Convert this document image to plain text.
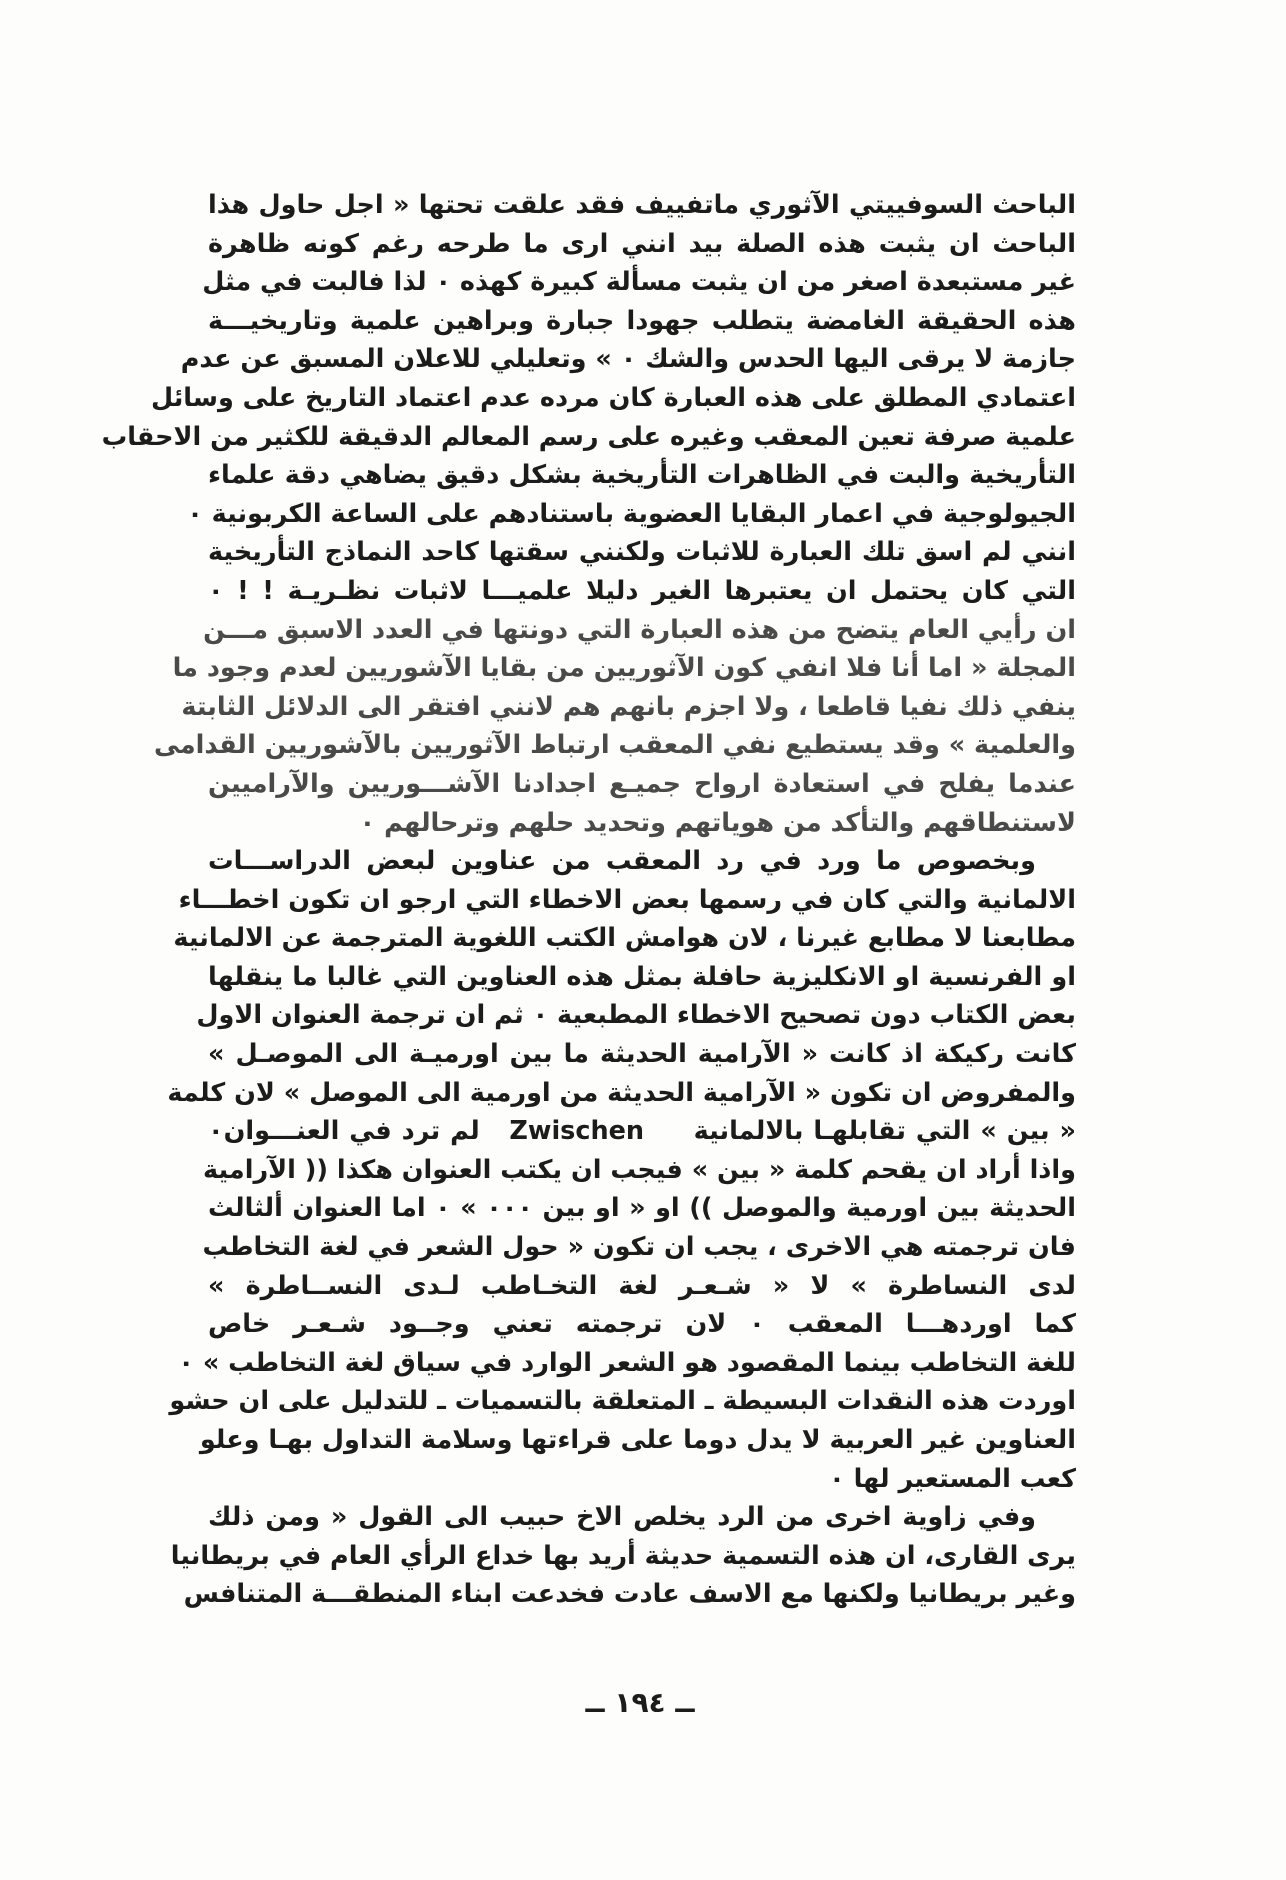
الباحث السوفييتي الآثوري ماتفييف فقد علقت تحتها « اجل حاول هذا
الباحث ان يثبت هذه الصلة بيد انني ارى ما طرحه رغم كونه ظاهرة
غير مستبعدة اصغر من ان يثبت مسألة كبيرة كهذه ٠ لذا فالبت في مثل
هذه الحقيقة الغامضة يتطلب جهودا جبارة وبراهين علمية وتاريخيـــة
جازمة لا يرقى اليها الحدس والشك ٠ » وتعليلي للاعلان المسبق عن عدم
اعتمادي المطلق على هذه العبارة كان مرده عدم اعتماد التاريخ على وسائل
علمية صرفة تعين المعقب وغيره على رسم المعالم الدقيقة للكثير من الاحقاب
التأريخية والبت في الظاهرات التأريخية بشكل دقيق يضاهي دقة علماء
الجيولوجية في اعمار البقايا العضوية باستنادهم على الساعة الكربونية ٠
انني لم اسق تلك العبارة للاثبات ولكنني سقتها كاحد النماذج التأريخية
التي كان يحتمل ان يعتبرها الغير دليلا علميـــا لاثبات نظـريـة ! ! ٠
ان رأيي العام يتضح من هذه العبارة التي دونتها في العدد الاسبق مـــن
المجلة « اما أنا فلا انفي كون الآثوريين من بقايا الآشوريين لعدم وجود ما
ينفي ذلك نفيا قاطعا ، ولا اجزم بانهم هم لانني افتقر الى الدلائل الثابتة
والعلمية » وقد يستطيع نفي المعقب ارتباط الآثوريين بالآشوريين القدامى
عندما يفلح في استعادة ارواح جميـع اجدادنا الآشـــوريين والآراميين
لاستنطاقهم والتأكد من هوياتهم وتحديد حلهم وترحالهم ٠
وبخصوص ما ورد في رد المعقب من عناوين لبعض الدراســـات
الالمانية والتي كان في رسمها بعض الاخطاء التي ارجو ان تكون اخطـــاء
مطابعنا لا مطابع غيرنا ، لان هوامش الكتب اللغوية المترجمة عن الالمانية
او الفرنسية او الانكليزية حافلة بمثل هذه العناوين التي غالبا ما ينقلها
بعض الكتاب دون تصحيح الاخطاء المطبعية ٠ ثم ان ترجمة العنوان الاول
كانت ركيكة اذ كانت « الآرامية الحديثة ما بين اورميـة الى الموصـل »
والمفروض ان تكون « الآرامية الحديثة من اورمية الى الموصل » لان كلمة
« بين » التي تقابلهـا بالالمانية     Zwischen   لم ترد في العنـــوان٠
واذا أراد ان يقحم كلمة « بين » فيجب ان يكتب العنوان هكذا (( الآرامية
الحديثة بين اورمية والموصل )) او « او بين ٠٠٠ » ٠ اما العنوان ألثالث
فان ترجمته هي الاخرى ، يجب ان تكون « حول الشعر في لغة التخاطب
لدى النساطرة » لا « شـعـر لغة التخـاطب لـدى النســاطرة »
كما اوردهـــا المعقب ٠ لان ترجمته تعني وجــود شـعـر خاص
للغة التخاطب بينما المقصود هو الشعر الوارد في سياق لغة التخاطب » ٠
اوردت هذه النقدات البسيطة ـ المتعلقة بالتسميات ـ للتدليل على ان حشو
العناوين غير العربية لا يدل دوما على قراءتها وسلامة التداول بهـا وعلو
كعب المستعير لها ٠
وفي زاوية اخرى من الرد يخلص الاخ حبيب الى القول « ومن ذلك
يرى القارى، ان هذه التسمية حديثة أريد بها خداع الرأي العام في بريطانيا
وغير بريطانيا ولكنها مع الاسف عادت فخدعت ابناء المنطقـــة المتنافس
ــ ١٩٤ ــ
